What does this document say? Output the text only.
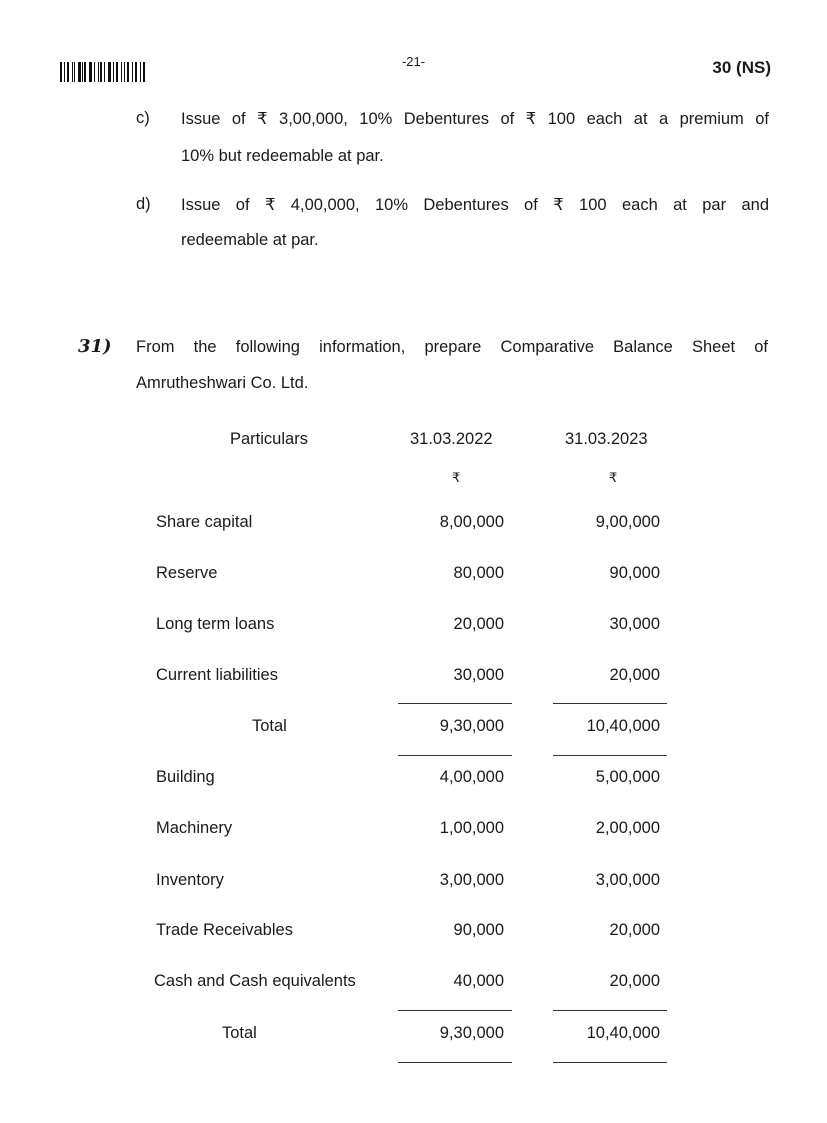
-21-	30 (NS)
c) Issue of ₹ 3,00,000, 10% Debentures of ₹ 100 each at a premium of
10% but redeemable at par.
d) Issue of ₹ 4,00,000, 10% Debentures of ₹ 100 each at par and
redeemable at par.
31) From the following information, prepare Comparative Balance Sheet of
Amrutheshwari Co. Ltd.
Particulars	31.03.2022	31.03.2023
₹	₹
Share capital	8,00,000	9,00,000
Reserve	80,000	90,000
Long term loans	20,000	30,000
Current liabilities	30,000	20,000
Total	9,30,000	10,40,000
Building	4,00,000	5,00,000
Machinery	1,00,000	2,00,000
Inventory	3,00,000	3,00,000
Trade Receivables	90,000	20,000
Cash and Cash equivalents	40,000	20,000
Total	9,30,000	10,40,000
